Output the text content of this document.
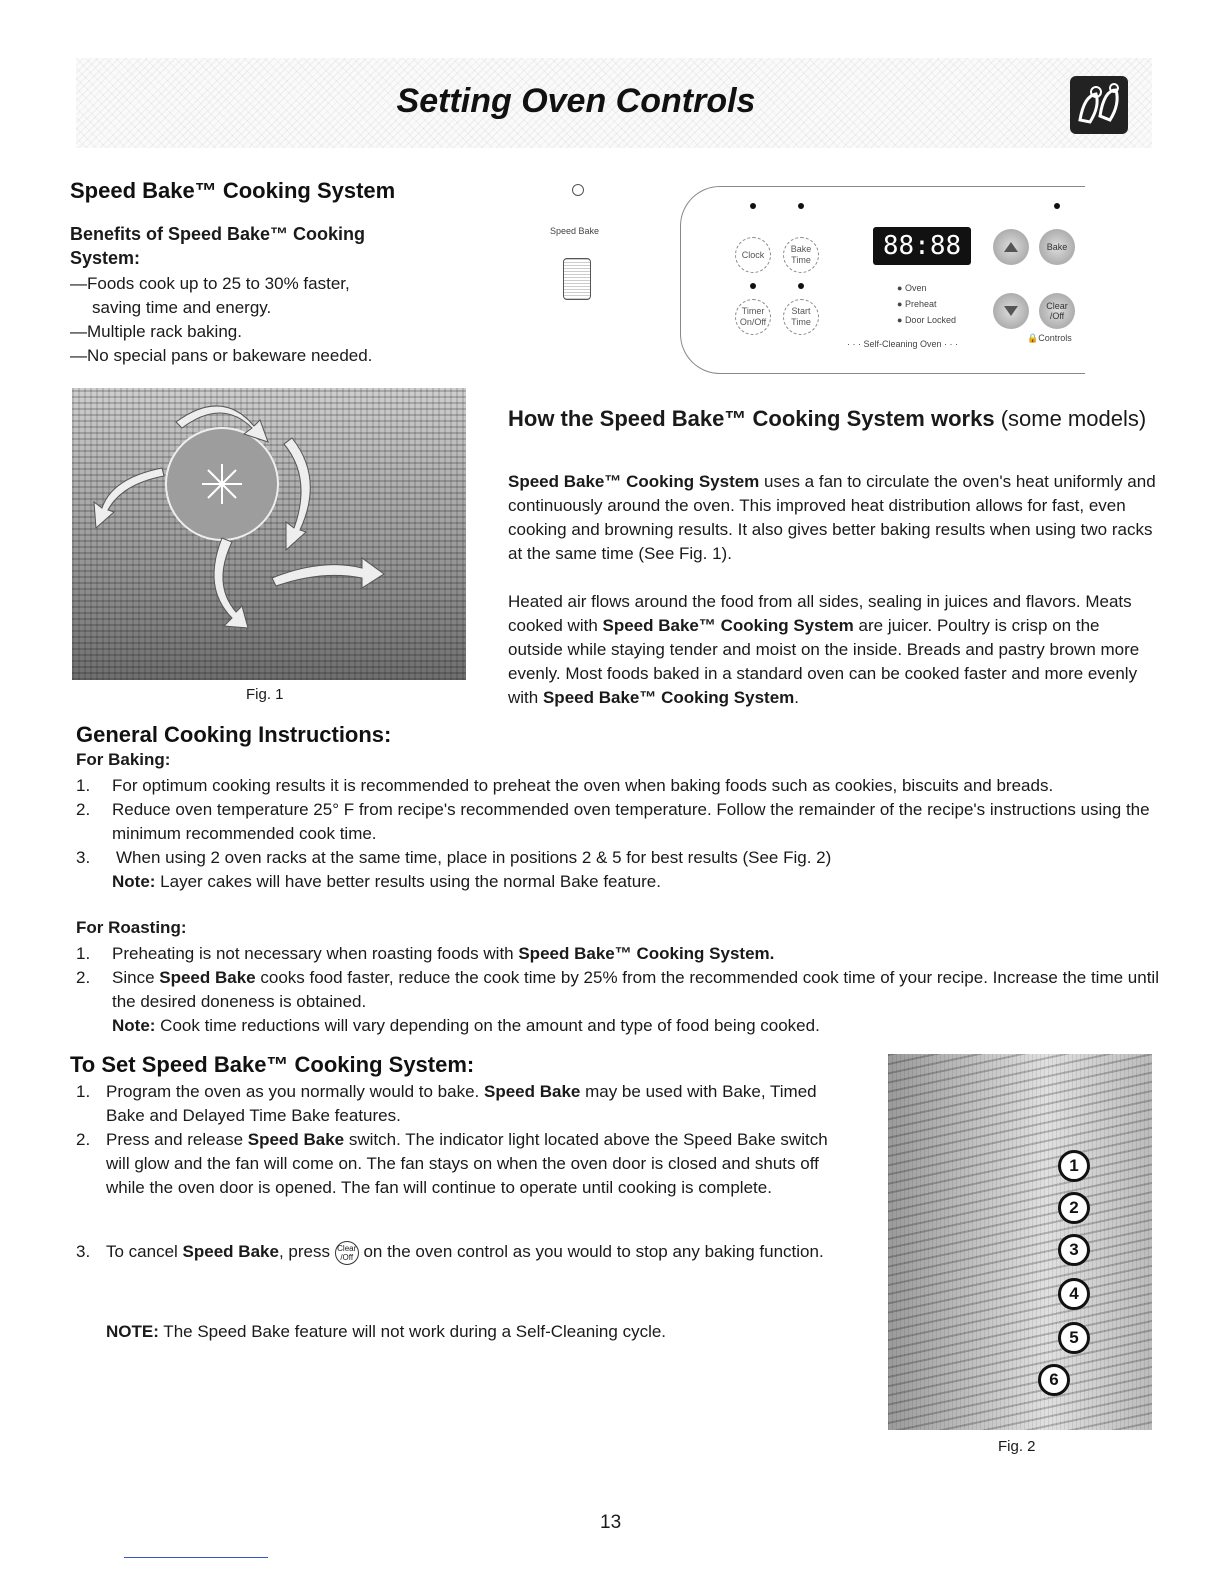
Setting Oven Controls
Speed Bake™ Cooking System
Benefits of Speed Bake™ Cooking System:
—Foods cook up to 25 to 30% faster,
saving time and energy.
—Multiple rack baking.
—No special pans or bakeware needed.
Speed Bake
Clock
Bake Time
Timer On/Off
Start Time
88:88
● Oven
● Preheat
● Door Locked
· · · Self-Cleaning Oven · · ·
Bake
Clear /Off
🔒Controls
Fig. 1
How the Speed Bake™ Cooking System works (some models)

Speed Bake™ Cooking System uses a fan to circulate the oven's heat uniformly and continuously around the oven. This improved heat distribution allows for fast, even cooking and browning results. It also gives better baking results when using two racks at the same time (See Fig. 1).

Heated air flows around the food from all sides, sealing in juices and flavors. Meats cooked with Speed Bake™ Cooking System are juicer. Poultry is crisp on the outside while staying tender and moist on the inside. Breads and pastry brown more evenly. Most foods baked in a standard oven can be cooked faster and more evenly with Speed Bake™ Cooking System.

General Cooking Instructions:
For Baking:
1. For optimum cooking results it is recommended to preheat the oven when baking foods such as cookies, biscuits and breads.
2. Reduce oven temperature 25° F from recipe's recommended oven temperature. Follow the remainder of the recipe's instructions using the minimum recommended cook time.
3. When using 2 oven racks at the same time, place in positions 2 & 5 for best results (See Fig. 2)
Note: Layer cakes will have better results using the normal Bake feature.
For Roasting:
1. Preheating is not necessary when roasting foods with Speed Bake™ Cooking System.
2. Since Speed Bake cooks food faster, reduce the cook time by 25% from the recommended cook time of your recipe. Increase the time until the desired doneness is obtained.
Note: Cook time reductions will vary depending on the amount and type of food being cooked.
To Set Speed Bake™ Cooking System:
1. Program the oven as you normally would to bake. Speed Bake may be used with Bake, Timed Bake and Delayed Time Bake features.
2. Press and release Speed Bake switch. The indicator light located above the Speed Bake switch will glow and the fan will come on. The fan stays on when the oven door is closed and shuts off while the oven door is opened. The fan will continue to operate until cooking is complete.
3. To cancel Speed Bake, press Clear /Off on the oven control as you would to stop any baking function.
NOTE: The Speed Bake feature will not work during a Self-Cleaning cycle.
1
2
3
4
5
6
Fig. 2
13
